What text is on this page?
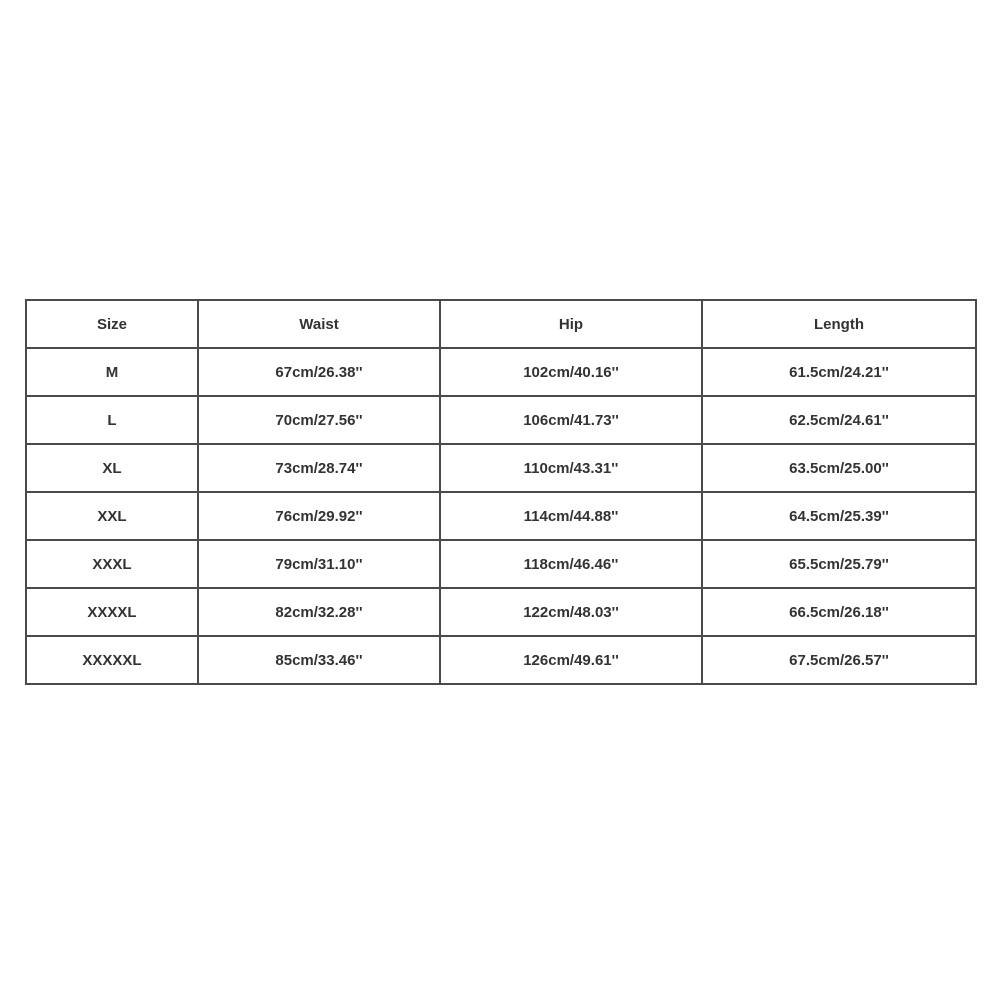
Size	Waist	Hip	Length
M	67cm/26.38''	102cm/40.16''	61.5cm/24.21''
L	70cm/27.56''	106cm/41.73''	62.5cm/24.61''
XL	73cm/28.74''	110cm/43.31''	63.5cm/25.00''
XXL	76cm/29.92''	114cm/44.88''	64.5cm/25.39''
XXXL	79cm/31.10''	118cm/46.46''	65.5cm/25.79''
XXXXL	82cm/32.28''	122cm/48.03''	66.5cm/26.18''
XXXXXL	85cm/33.46''	126cm/49.61''	67.5cm/26.57''
